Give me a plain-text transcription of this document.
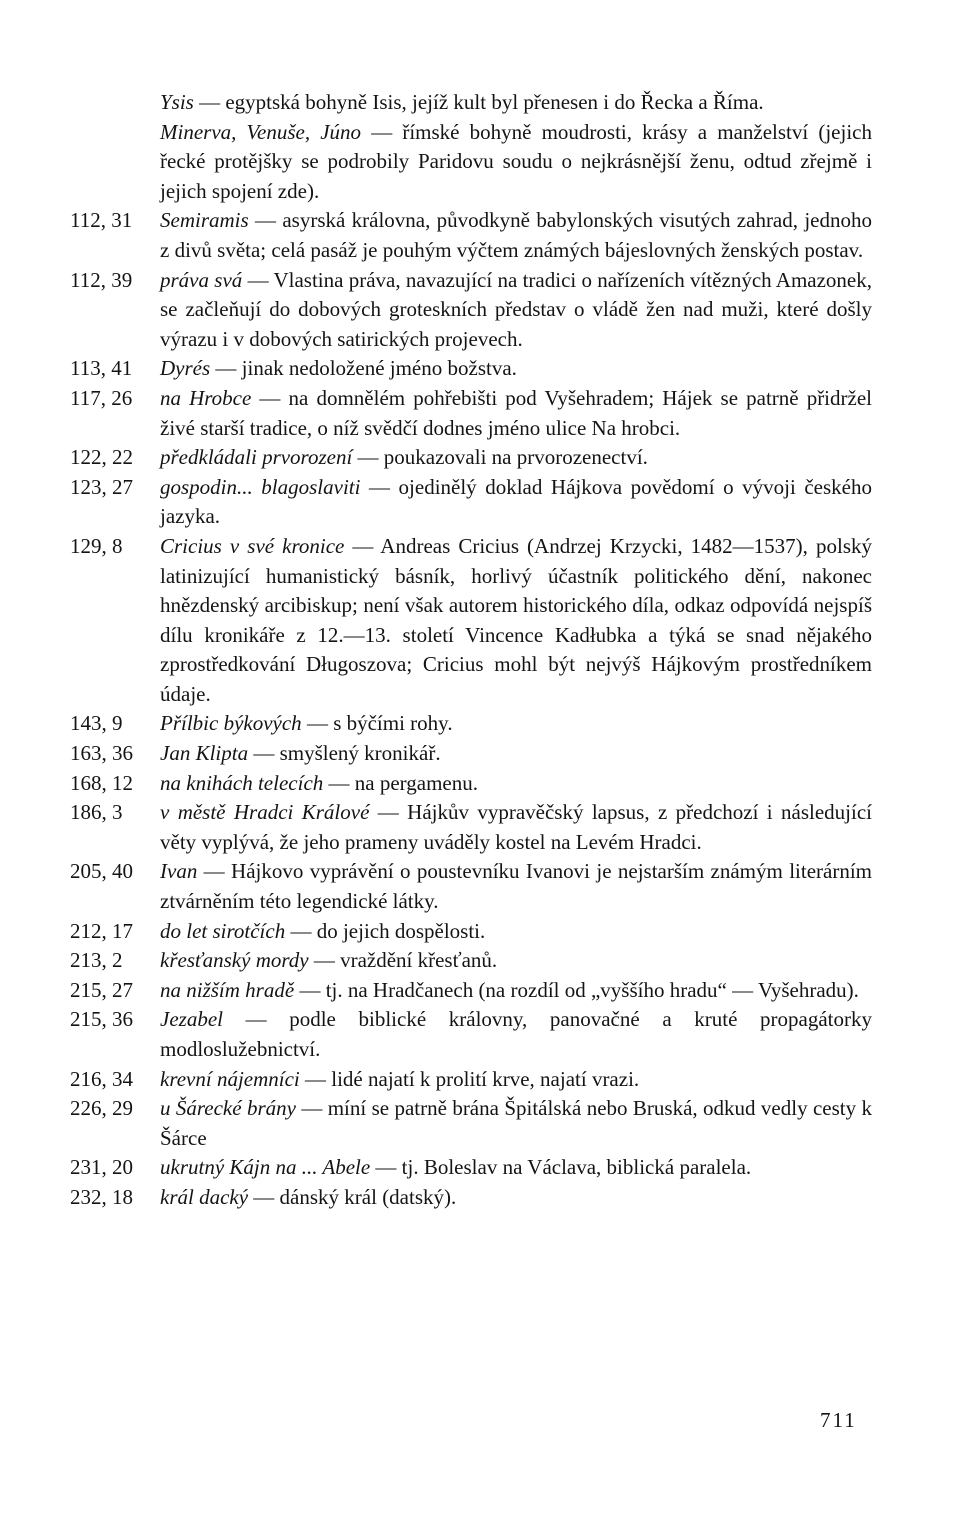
Ysis — egyptská bohyně Isis, jejíž kult byl přenesen i do Řecka a Říma.
Minerva, Venuše, Júno — římské bohyně moudrosti, krásy a manželství (jejich řecké protějšky se podrobily Paridovu soudu o nejkrásnější ženu, odtud zřejmě i jejich spojení zde).
112, 31	Semiramis — asyrská královna, původkyně babylonských visutých zahrad, jednoho z divů světa; celá pasáž je pouhým výčtem známých bájeslovných ženských postav.
112, 39	práva svá — Vlastina práva, navazující na tradici o nařízeních vítězných Amazonek, se začleňují do dobových groteskních představ o vládě žen nad muži, které došly výrazu i v dobových satirických projevech.
113, 41	Dyrés — jinak nedoložené jméno božstva.
117, 26	na Hrobce — na domnělém pohřebišti pod Vyšehradem; Hájek se patrně přidržel živé starší tradice, o níž svědčí dodnes jméno ulice Na hrobci.
122, 22	předkládali prvorození — poukazovali na prvorozenectví.
123, 27	gospodin... blagoslaviti — ojedinělý doklad Hájkova povědomí o vývoji českého jazyka.
129, 8	Cricius v své kronice — Andreas Cricius (Andrzej Krzycki, 1482—1537), polský latinizující humanistický básník, horlivý účastník politického dění, nakonec hnězdenský arcibiskup; není však autorem historického díla, odkaz odpovídá nejspíš dílu kronikáře z 12.—13. století Vincence Kadłubka a týká se snad nějakého zprostředkování Długoszova; Cricius mohl být nejvýš Hájkovým prostředníkem údaje.
143, 9	Přílbic býkových — s býčími rohy.
163, 36	Jan Klipta — smyšlený kronikář.
168, 12	na knihách telecích — na pergamenu.
186, 3	v městě Hradci Králové — Hájkův vypravěčský lapsus, z předchozí i následující věty vyplývá, že jeho prameny uváděly kostel na Levém Hradci.
205, 40	Ivan — Hájkovo vyprávění o poustevníku Ivanovi je nejstarším známým literárním ztvárněním této legendické látky.
212, 17	do let sirotčích — do jejich dospělosti.
213, 2	křesťanský mordy — vraždění křesťanů.
215, 27	na nižším hradě — tj. na Hradčanech (na rozdíl od „vyššího hradu“ — Vyšehradu).
215, 36	Jezabel — podle biblické královny, panovačné a kruté propagátorky modloslužebnictví.
216, 34	krevní nájemníci — lidé najatí k prolití krve, najatí vrazi.
226, 29	u Šárecké brány — míní se patrně brána Špitálská nebo Bruská, odkud vedly cesty k Šárce
231, 20	ukrutný Kájn na ... Abele — tj. Boleslav na Václava, biblická paralela.
232, 18	král dacký — dánský král (datský).
711
